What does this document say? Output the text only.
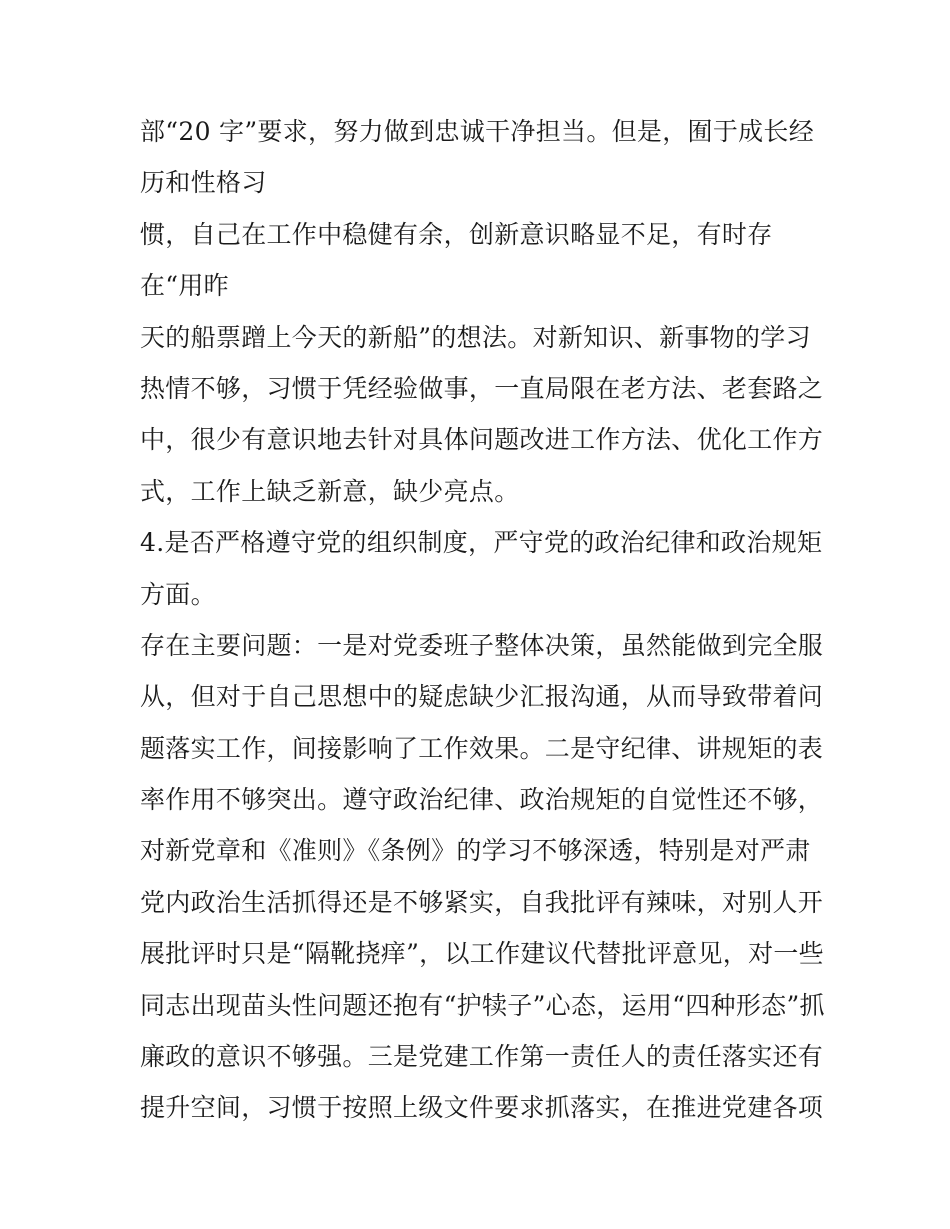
部“20 字”要求，努力做到忠诚干净担当。但是，囿于成长经
历和性格习
惯，自己在工作中稳健有余，创新意识略显不足，有时存
在“用昨
天的船票蹭上今天的新船”的想法。对新知识、新事物的学习
热情不够，习惯于凭经验做事，一直局限在老方法、老套路之
中，很少有意识地去针对具体问题改进工作方法、优化工作方
式，工作上缺乏新意，缺少亮点。
4.是否严格遵守党的组织制度，严守党的政治纪律和政治规矩
方面。
存在主要问题：一是对党委班子整体决策，虽然能做到完全服
从，但对于自己思想中的疑虑缺少汇报沟通，从而导致带着问
题落实工作，间接影响了工作效果。二是守纪律、讲规矩的表
率作用不够突出。遵守政治纪律、政治规矩的自觉性还不够，
对新党章和《准则》《条例》的学习不够深透，特别是对严肃
党内政治生活抓得还是不够紧实，自我批评有辣味，对别人开
展批评时只是“隔靴挠痒”，以工作建议代替批评意见，对一些
同志出现苗头性问题还抱有“护犊子”心态，运用“四种形态”抓
廉政的意识不够强。三是党建工作第一责任人的责任落实还有
提升空间，习惯于按照上级文件要求抓落实，在推进党建各项
